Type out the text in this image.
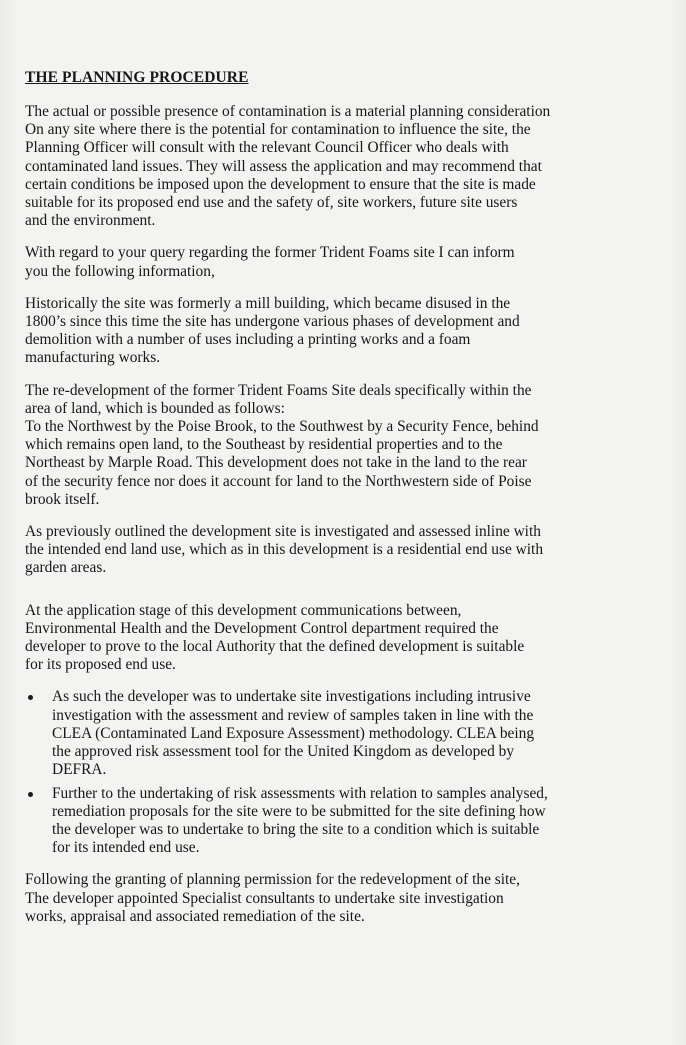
THE PLANNING PROCEDURE
The actual or possible presence of contamination is a material planning consideration
On any site where there is the potential for contamination to influence the site, the
Planning Officer will consult with the relevant Council Officer who deals with
contaminated land issues. They will assess the application and may recommend that
certain conditions be imposed upon the development to ensure that the site is made
suitable for its proposed end use and the safety of, site workers, future site users
and the environment.
With regard to your query regarding the former Trident Foams site I can inform
you the following information,
Historically the site was formerly a mill building, which became disused in the
1800’s since this time the site has undergone various phases of development and
demolition with a number of uses including a printing works and a foam
manufacturing works.
The re-development of the former Trident Foams Site deals specifically within the
area of land, which is bounded as follows:
To the Northwest by the Poise Brook, to the Southwest by a Security Fence, behind
which remains open land, to the Southeast by residential properties and to the
Northeast by Marple Road. This development does not take in the land to the rear
of the security fence nor does it account for land to the Northwestern side of Poise
brook itself.
As previously outlined the development site is investigated and assessed inline with
the intended end land use, which as in this development is a residential end use with
garden areas.
At the application stage of this development communications between,
Environmental Health and the Development Control department required the
developer to prove to the local Authority that the defined development is suitable
for its proposed end use.
As such the developer was to undertake site investigations including intrusive
investigation with the assessment and review of samples taken in line with the
CLEA (Contaminated Land Exposure Assessment) methodology. CLEA being
the approved risk assessment tool for the United Kingdom as developed by
DEFRA.
Further to the undertaking of risk assessments with relation to samples analysed,
remediation proposals for the site were to be submitted for the site defining how
the developer was to undertake to bring the site to a condition which is suitable
for its intended end use.
Following the granting of planning permission for the redevelopment of the site,
The developer appointed Specialist consultants to undertake site investigation
works, appraisal and associated remediation of the site.
